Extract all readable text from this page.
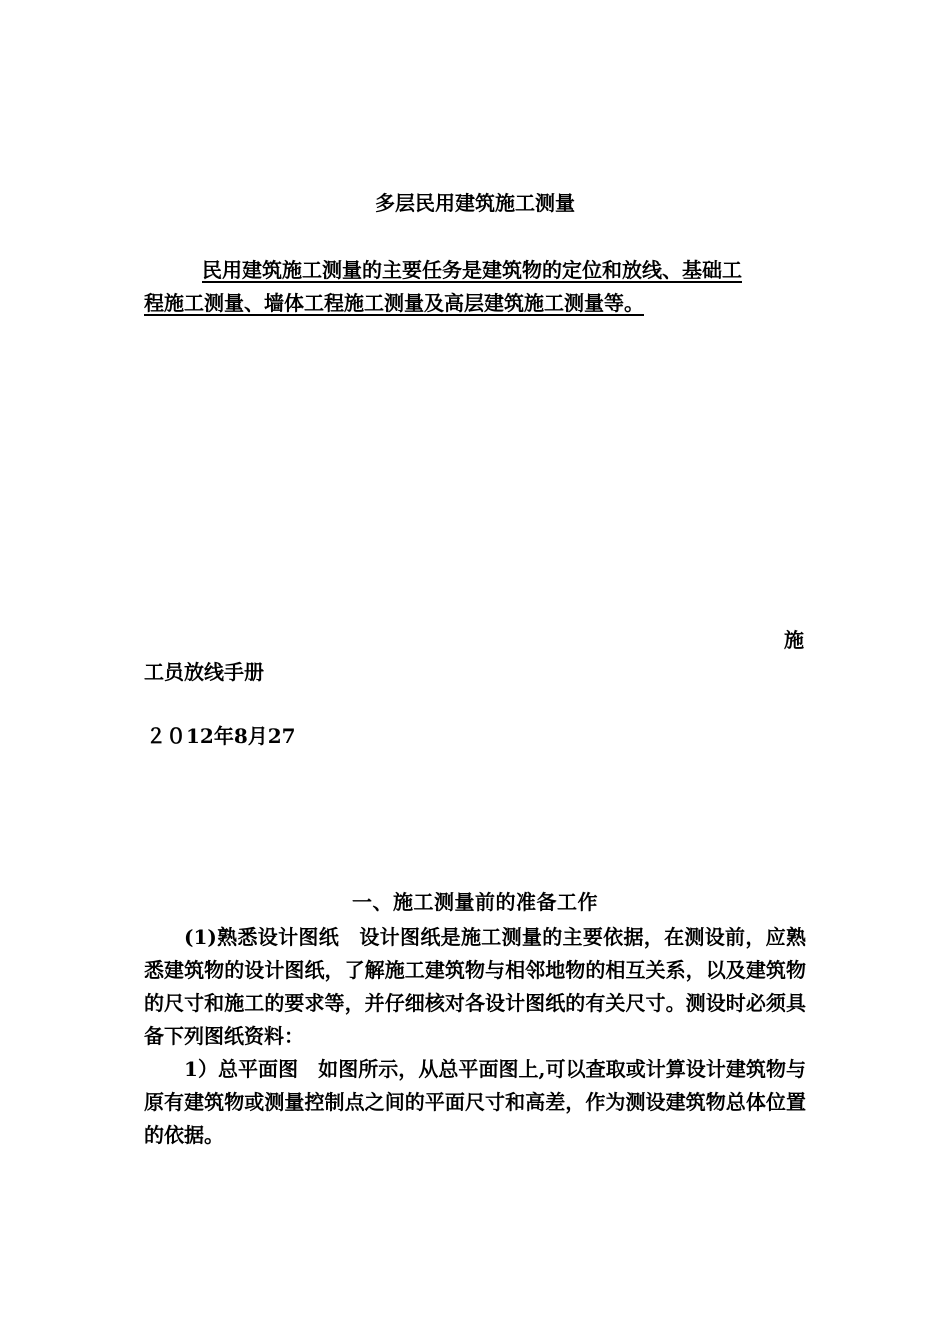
多层民用建筑施工测量
民用建筑施工测量的主要任务是建筑物的定位和放线、基础工
程施工测量、墙体工程施工测量及高层建筑施工测量等。
施
工员放线手册
２０12年8月27
一、施工测量前的准备工作

(1)熟悉设计图纸　设计图纸是施工测量的主要依据，在测设前，应熟悉建筑物的设计图纸，了解施工建筑物与相邻地物的相互关系，以及建筑物的尺寸和施工的要求等，并仔细核对各设计图纸的有关尺寸。测设时必须具备下列图纸资料：

1）总平面图　如图所示，从总平面图上,可以查取或计算设计建筑物与原有建筑物或测量控制点之间的平面尺寸和高差，作为测设建筑物总体位置的依据。
